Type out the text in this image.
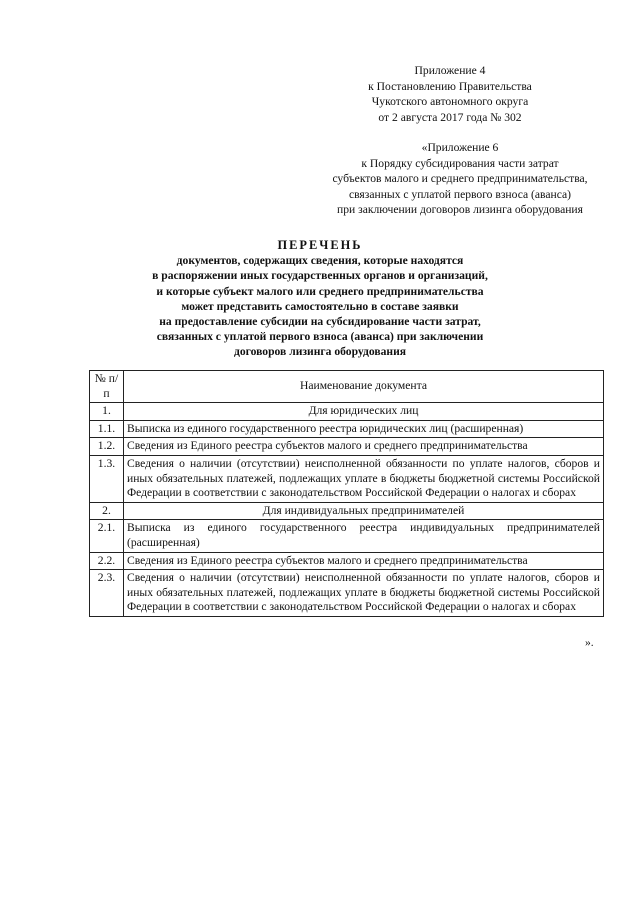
Приложение 4
к Постановлению Правительства
Чукотского автономного округа
от 2 августа 2017 года № 302
«Приложение 6
к Порядку субсидирования части затрат
субъектов малого и среднего предпринимательства,
связанных с уплатой первого взноса (аванса)
при заключении договоров лизинга оборудования
ПЕРЕЧЕНЬ
документов, содержащих сведения, которые находятся
в распоряжении иных государственных органов и организаций,
и которые субъект малого или среднего предпринимательства
может представить самостоятельно в составе заявки
на предоставление субсидии на субсидирование части затрат,
связанных с уплатой первого взноса (аванса) при заключении
договоров лизинга оборудования
№ п/п	Наименование документа
1.	Для юридических лиц
1.1.	Выписка из единого государственного реестра юридических лиц (расширенная)
1.2.	Сведения из Единого реестра субъектов малого и среднего предпринимательства
1.3.	Сведения о наличии (отсутствии) неисполненной обязанности по уплате налогов, сборов и иных обязательных платежей, подлежащих уплате в бюджеты бюджетной системы Российской Федерации в соответствии с законодательством Российской Федерации о налогах и сборах
2.	Для индивидуальных предпринимателей
2.1.	Выписка из единого государственного реестра индивидуальных предпринимателей (расширенная)
2.2.	Сведения из Единого реестра субъектов малого и среднего предпринимательства
2.3.	Сведения о наличии (отсутствии) неисполненной обязанности по уплате налогов, сборов и иных обязательных платежей, подлежащих уплате в бюджеты бюджетной системы Российской Федерации в соответствии с законодательством Российской Федерации о налогах и сборах
».
